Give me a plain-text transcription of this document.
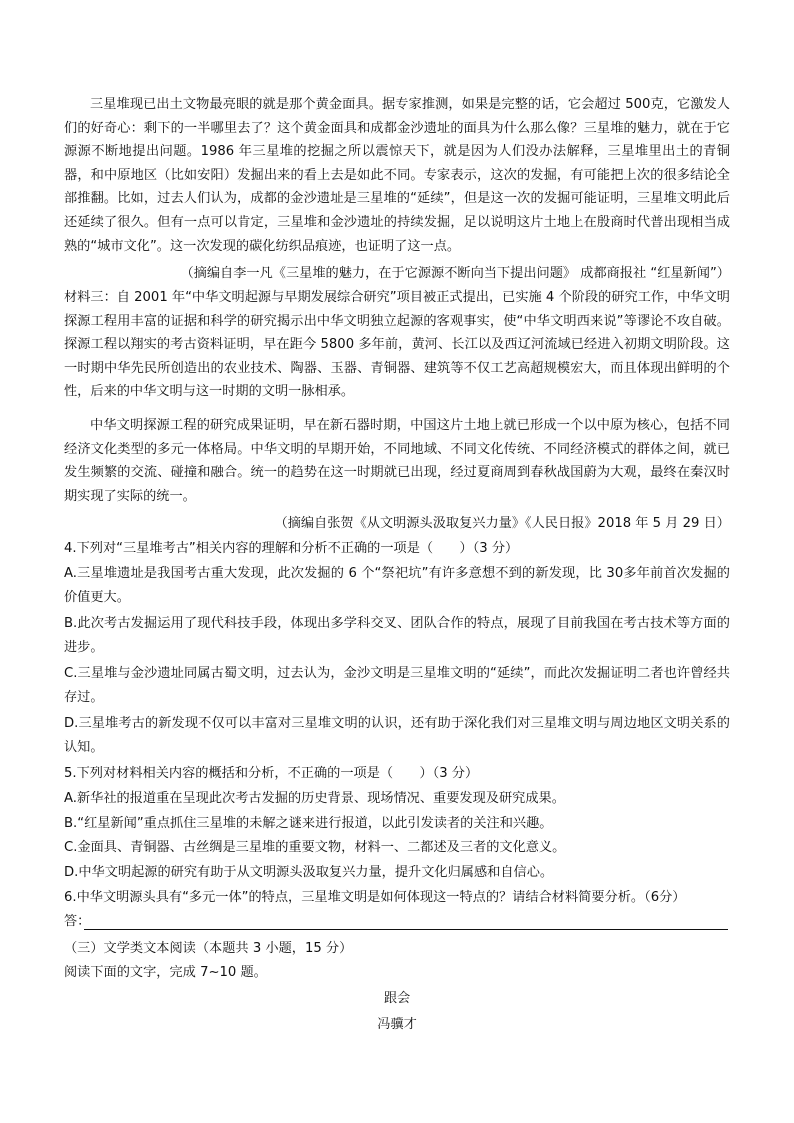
三星堆现已出土文物最亮眼的就是那个黄金面具。据专家推测，如果是完整的话，它会超过 500克，它激发人们的好奇心：剩下的一半哪里去了？这个黄金面具和成都金沙遗址的面具为什么那么像？三星堆的魅力，就在于它源源不断地提出问题。1986 年三星堆的挖掘之所以震惊天下，就是因为人们没办法解释，三星堆里出土的青铜器，和中原地区（比如安阳）发掘出来的看上去是如此不同。专家表示，这次的发掘，有可能把上次的很多结论全部推翻。比如，过去人们认为，成都的金沙遗址是三星堆的“延续”，但是这一次的发掘可能证明，三星堆文明此后还延续了很久。但有一点可以肯定，三星堆和金沙遗址的持续发掘，足以说明这片土地上在殷商时代普出现相当成熟的“城市文化”。这一次发现的碳化纺织品痕迹，也证明了这一点。

（摘编自李一凡《三星堆的魅力，在于它源源不断向当下提出问题》 成都商报社 “红星新闻”）

材料三：自 2001 年“中华文明起源与早期发展综合研究”项目被正式提出，已实施 4 个阶段的研究工作，中华文明探源工程用丰富的证据和科学的研究揭示出中华文明独立起源的客观事实，使“中华文明西来说”等谬论不攻自破。探源工程以翔实的考古资料证明，早在距今 5800 多年前，黄河、长江以及西辽河流域已经进入初期文明阶段。这一时期中华先民所创造出的农业技术、陶器、玉器、青铜器、建筑等不仅工艺高超规模宏大，而且体现出鲜明的个性，后来的中华文明与这一时期的文明一脉相承。

中华文明探源工程的研究成果证明，早在新石器时期，中国这片土地上就已形成一个以中原为核心，包括不同经济文化类型的多元一体格局。中华文明的早期开始，不同地域、不同文化传统、不同经济模式的群体之间，就已发生频繁的交流、碰撞和融合。统一的趋势在这一时期就已出现，经过夏商周到春秋战国蔚为大观，最终在秦汉时期实现了实际的统一。

（摘编自张贺《从文明源头汲取复兴力量》《人民日报》2018 年 5 月 29 日）

4.下列对“三星堆考古”相关内容的理解和分析不正确的一项是（　　）（3 分）

A.三星堆遗址是我国考古重大发现，此次发掘的 6 个“祭祀坑”有许多意想不到的新发现，比 30多年前首次发掘的价值更大。

B.此次考古发掘运用了现代科技手段，体现出多学科交叉、团队合作的特点，展现了目前我国在考古技术等方面的进步。

C.三星堆与金沙遗址同属古蜀文明，过去认为，金沙文明是三星堆文明的“延续”，而此次发掘证明二者也许曾经共存过。

D.三星堆考古的新发现不仅可以丰富对三星堆文明的认识，还有助于深化我们对三星堆文明与周边地区文明关系的认知。

5.下列对材料相关内容的概括和分析，不正确的一项是（　　）（3 分）

A.新华社的报道重在呈现此次考古发掘的历史背景、现场情况、重要发现及研究成果。

B.“红星新闻”重点抓住三星堆的未解之谜来进行报道，以此引发读者的关注和兴趣。

C.金面具、青铜器、古丝绸是三星堆的重要文物，材料一、二都述及三者的文化意义。

D.中华文明起源的研究有助于从文明源头汲取复兴力量，提升文化归属感和自信心。

6.中华文明源头具有“多元一体”的特点，三星堆文明是如何体现这一特点的？请结合材料简要分析。（6分）

答：

（三）文学类文本阅读（本题共 3 小题，15 分）

阅读下面的文字，完成 7~10 题。

跟会

冯骥才
